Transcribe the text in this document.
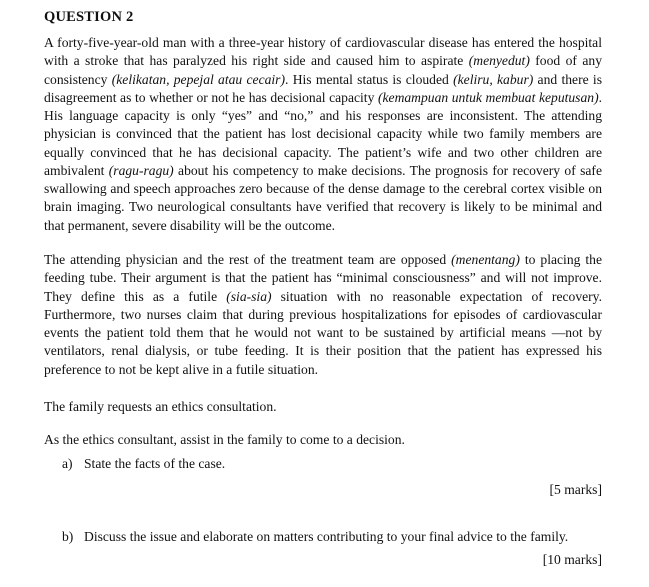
QUESTION 2
A forty-five-year-old man with a three-year history of cardiovascular disease has entered the hospital with a stroke that has paralyzed his right side and caused him to aspirate (menyedut) food of any consistency (kelikatan, pepejal atau cecair). His mental status is clouded (keliru, kabur) and there is disagreement as to whether or not he has decisional capacity (kemampuan untuk membuat keputusan). His language capacity is only “yes” and “no,” and his responses are inconsistent. The attending physician is convinced that the patient has lost decisional capacity while two family members are equally convinced that he has decisional capacity. The patient’s wife and two other children are ambivalent (ragu-ragu) about his competency to make decisions. The prognosis for recovery of safe swallowing and speech approaches zero because of the dense damage to the cerebral cortex visible on brain imaging. Two neurological consultants have verified that recovery is likely to be minimal and that permanent, severe disability will be the outcome.
The attending physician and the rest of the treatment team are opposed (menentang) to placing the feeding tube. Their argument is that the patient has “minimal consciousness” and will not improve. They define this as a futile (sia-sia) situation with no reasonable expectation of recovery. Furthermore, two nurses claim that during previous hospitalizations for episodes of cardiovascular events the patient told them that he would not want to be sustained by artificial means —not by ventilators, renal dialysis, or tube feeding. It is their position that the patient has expressed his preference to not be kept alive in a futile situation.
The family requests an ethics consultation.
As the ethics consultant, assist in the family to come to a decision.
a) State the facts of the case.
[5 marks]
b) Discuss the issue and elaborate on matters contributing to your final advice to the family.
[10 marks]
